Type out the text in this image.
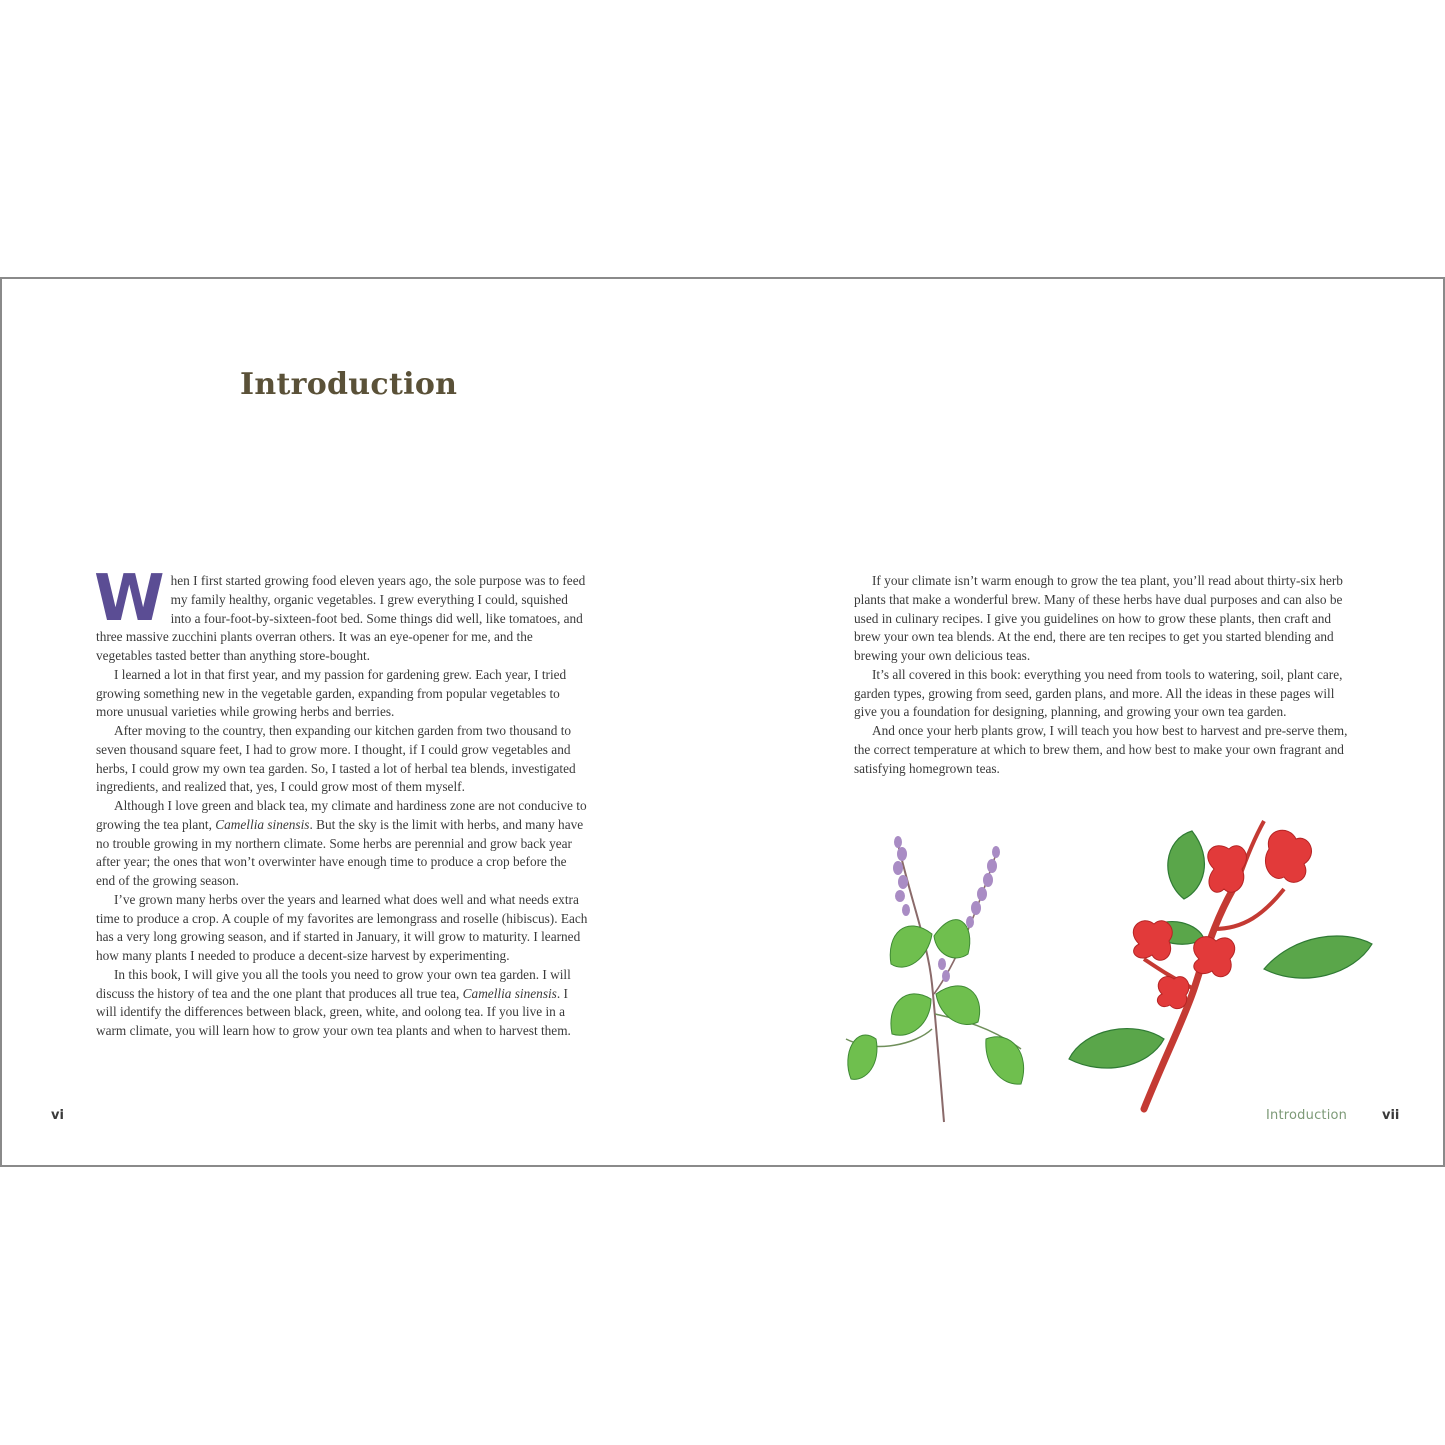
Introduction

When I first started growing food eleven years ago, the sole purpose was to feed my family healthy, organic vegetables. I grew everything I could, squished into a four-foot-by-sixteen-foot bed. Some things did well, like tomatoes, and three massive zucchini plants overran others. It was an eye-opener for me, and the vegetables tasted better than anything store-bought.

I learned a lot in that first year, and my passion for gardening grew. Each year, I tried growing something new in the vegetable garden, expanding from popular vegetables to more unusual varieties while growing herbs and berries.

After moving to the country, then expanding our kitchen garden from two thousand to seven thousand square feet, I had to grow more. I thought, if I could grow vegetables and herbs, I could grow my own tea garden. So, I tasted a lot of herbal tea blends, investigated ingredients, and realized that, yes, I could grow most of them myself.

Although I love green and black tea, my climate and hardiness zone are not conducive to growing the tea plant, Camellia sinensis. But the sky is the limit with herbs, and many have no trouble growing in my northern climate. Some herbs are perennial and grow back year after year; the ones that won’t overwinter have enough time to produce a crop before the end of the growing season.

I’ve grown many herbs over the years and learned what does well and what needs extra time to produce a crop. A couple of my favorites are lemongrass and roselle (hibiscus). Each has a very long growing season, and if started in January, it will grow to maturity. I learned how many plants I needed to produce a decent-size harvest by experimenting.

In this book, I will give you all the tools you need to grow your own tea garden. I will discuss the history of tea and the one plant that produces all true tea, Camellia sinensis. I will identify the differences between black, green, white, and oolong tea. If you live in a warm climate, you will learn how to grow your own tea plants and when to harvest them.

If your climate isn’t warm enough to grow the tea plant, you’ll read about thirty-six herb plants that make a wonderful brew. Many of these herbs have dual purposes and can also be used in culinary recipes. I give you guidelines on how to grow these plants, then craft and brew your own tea blends. At the end, there are ten recipes to get you started blending and brewing your own delicious teas.

It’s all covered in this book: everything you need from tools to watering, soil, plant care, garden types, growing from seed, garden plans, and more. All the ideas in these pages will give you a foundation for designing, planning, and growing your own tea garden.

And once your herb plants grow, I will teach you how best to harvest and pre-serve them, the correct temperature at which to brew them, and how best to make your own fragrant and satisfying homegrown teas.

vi	Introduction	vii
